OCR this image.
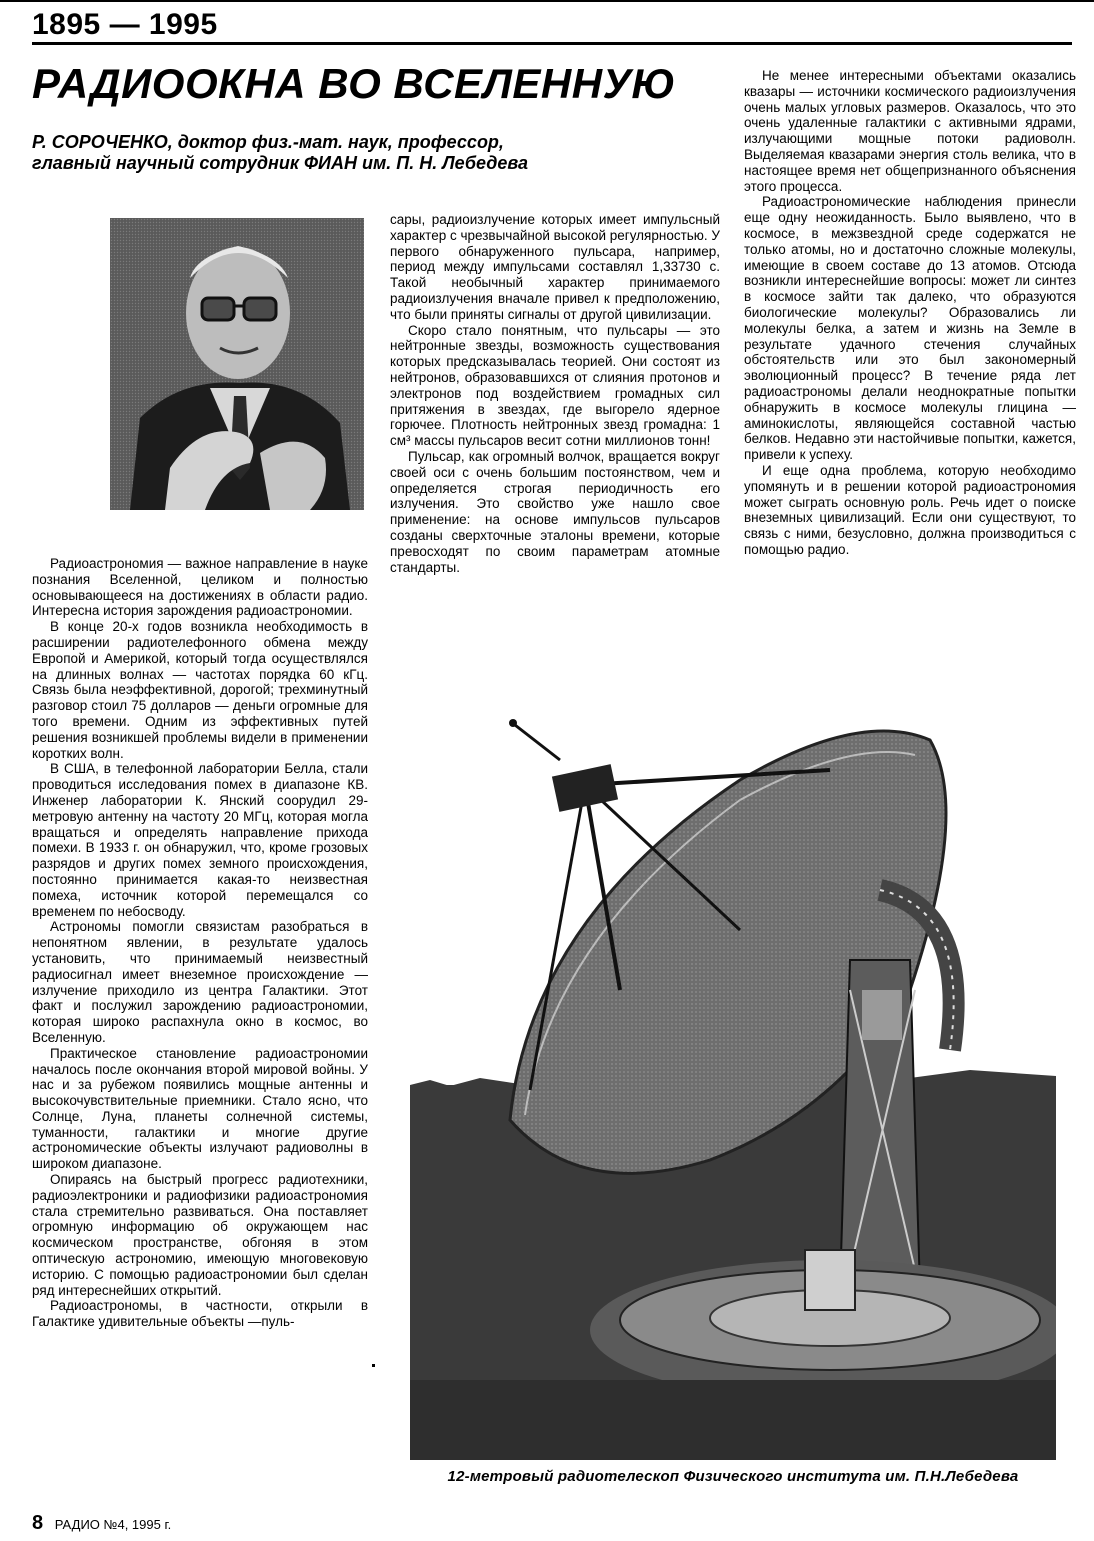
1895 — 1995
РАДИООКНА ВО ВСЕЛЕННУЮ
Р. СОРОЧЕНКО, доктор физ.-мат. наук, профессор,
главный научный сотрудник ФИАН им. П. Н. Лебедева

Радиоастрономия — важное направление в науке познания Вселенной, целиком и полностью основывающееся на достижениях в области радио. Интересна история зарождения радиоастрономии.

В конце 20-х годов возникла необходимость в расширении радиотелефонного обмена между Европой и Америкой, который тогда осуществлялся на длинных волнах — частотах порядка 60 кГц. Связь была неэффективной, дорогой; трехминутный разговор стоил 75 долларов — деньги огромные для того времени. Одним из эффективных путей решения возникшей проблемы видели в применении коротких волн.

В США, в телефонной лаборатории Белла, стали проводиться исследования помех в диапазоне КВ. Инженер лаборатории К. Янский соорудил 29-метровую антенну на частоту 20 МГц, которая могла вращаться и определять направление прихода помехи. В 1933 г. он обнаружил, что, кроме грозовых разрядов и других помех земного происхождения, постоянно принимается какая-то неизвестная помеха, источник которой перемещался со временем по небосводу.

Астрономы помогли связистам разобраться в непонятном явлении, в результате удалось установить, что принимаемый неизвестный радиосигнал имеет внеземное происхождение — излучение приходило из центра Галактики. Этот факт и послужил зарождению радиоастрономии, которая широко распахнула окно в космос, во Вселенную.

Практическое становление радиоастрономии началось после окончания второй мировой войны. У нас и за рубежом появились мощные антенны и высокочувствительные приемники. Стало ясно, что Солнце, Луна, планеты солнечной системы, туманности, галактики и многие другие астрономические объекты излучают радиоволны в широком диапазоне.

Опираясь на быстрый прогресс радиотехники, радиоэлектроники и радиофизики радиоастрономия стала стремительно развиваться. Она поставляет огромную информацию об окружающем нас космическом пространстве, обгоняя в этом оптическую астрономию, имеющую многовековую историю. С помощью радиоастрономии был сделан ряд интереснейших открытий.

Радиоастрономы, в частности, открыли в Галактике удивительные объекты —пуль-

сары, радиоизлучение которых имеет импульсный характер с чрезвычайной высокой регулярностью. У первого обнаруженного пульсара, например, период между импульсами составлял 1,33730 с. Такой необычный характер принимаемого радиоизлучения вначале привел к предположению, что были приняты сигналы от другой цивилизации.

Скоро стало понятным, что пульсары — это нейтронные звезды, возможность существования которых предсказывалась теорией. Они состоят из нейтронов, образовавшихся от слияния протонов и электронов под воздействием громадных сил притяжения в звездах, где выгорело ядерное горючее. Плотность нейтронных звезд громадна: 1 см³ массы пульсаров весит сотни миллионов тонн!

Пульсар, как огромный волчок, вращается вокруг своей оси с очень большим постоянством, чем и определяется строгая периодичность его излучения. Это свойство уже нашло свое применение: на основе импульсов пульсаров созданы сверхточные эталоны времени, которые превосходят по своим параметрам атомные стандарты.

Не менее интересными объектами оказались квазары — источники космического радиоизлучения очень малых угловых размеров. Оказалось, что это очень удаленные галактики с активными ядрами, излучающими мощные потоки радиоволн. Выделяемая квазарами энергия столь велика, что в настоящее время нет общепризнанного объяснения этого процесса.

Радиоастрономические наблюдения принесли еще одну неожиданность. Было выявлено, что в космосе, в межзвездной среде содержатся не только атомы, но и достаточно сложные молекулы, имеющие в своем составе до 13 атомов. Отсюда возникли интереснейшие вопросы: может ли синтез в космосе зайти так далеко, что образуются биологические молекулы? Образовались ли молекулы белка, а затем и жизнь на Земле в результате удачного стечения случайных обстоятельств или это был закономерный эволюционный процесс? В течение ряда лет радиоастрономы делали неоднократные попытки обнаружить в космосе молекулы глицина — аминокислоты, являющейся составной частью белков. Недавно эти настойчивые попытки, кажется, привели к успеху.

И еще одна проблема, которую необходимо упомянуть и в решении которой радиоастрономия может сыграть основную роль. Речь идет о поиске внеземных цивилизаций. Если они существуют, то связь с ними, безусловно, должна производиться с помощью радио.

12-метровый радиотелескоп Физического института им. П.Н.Лебедева
8 РАДИО №4, 1995 г.
